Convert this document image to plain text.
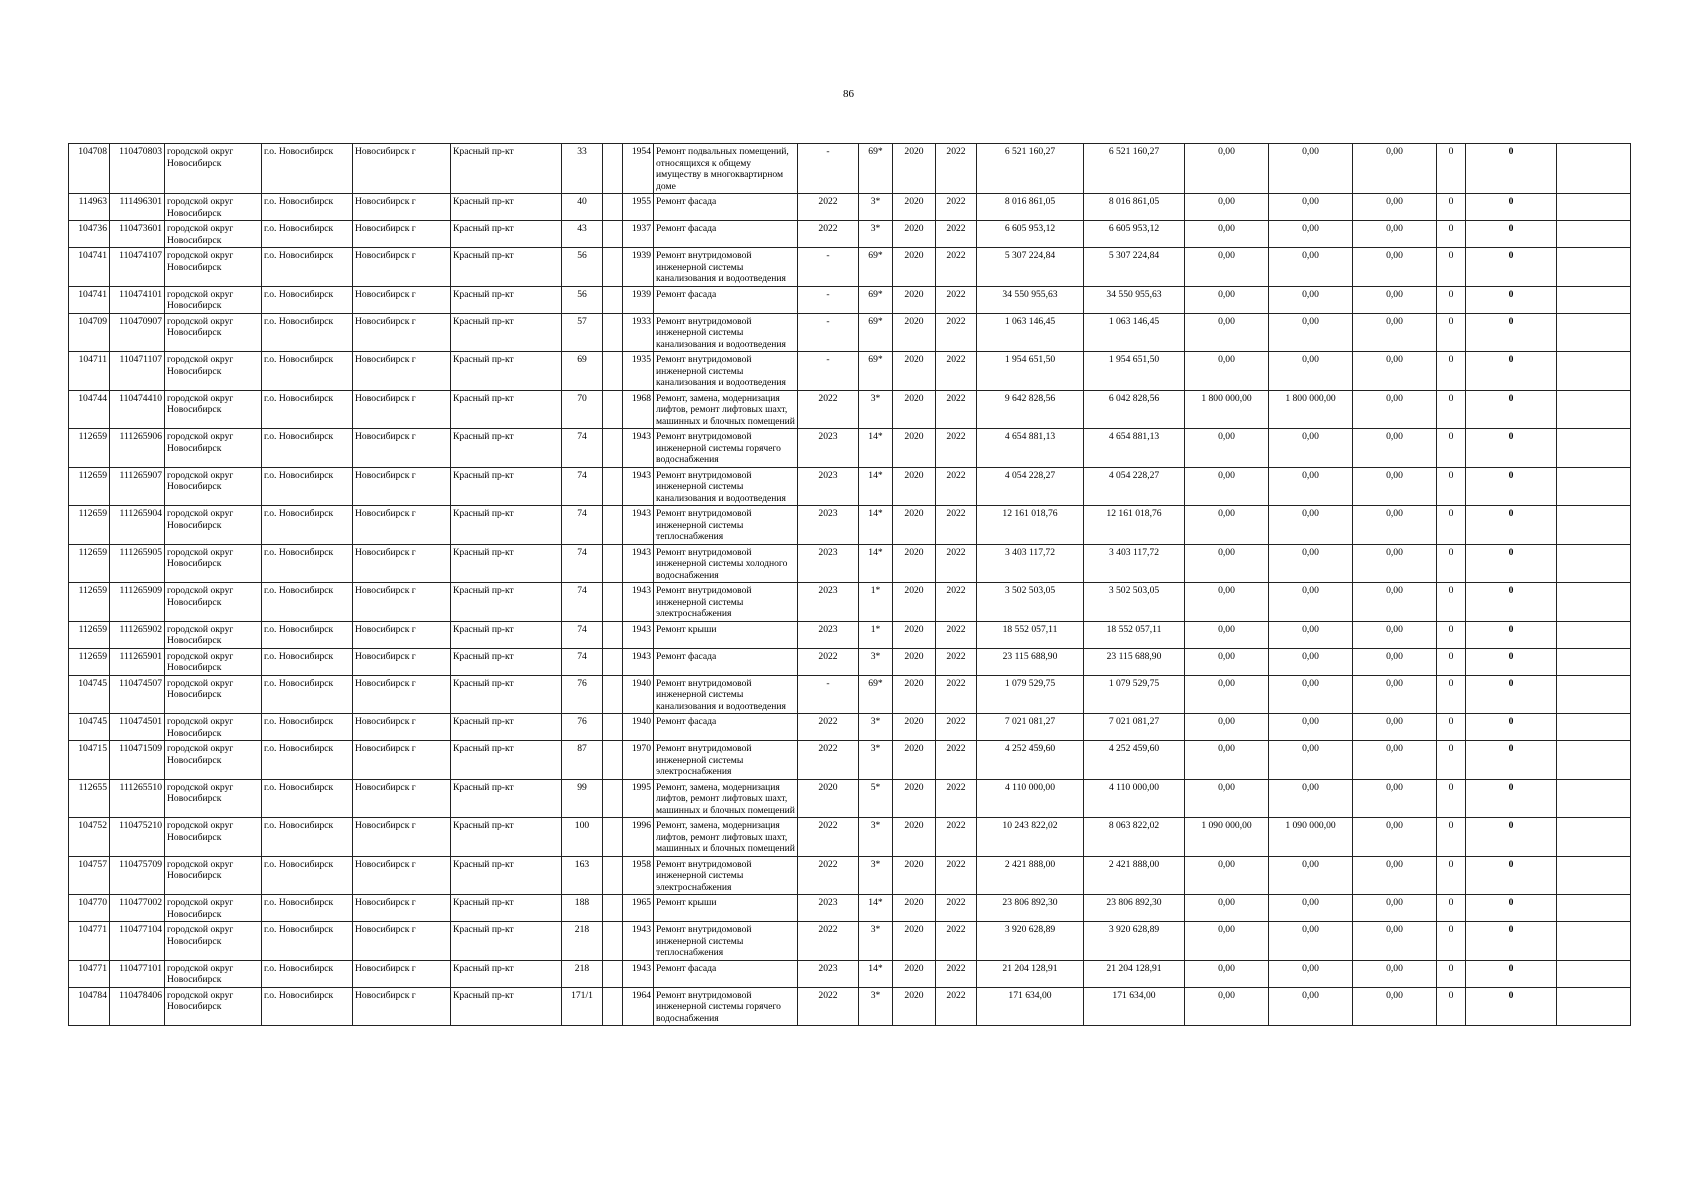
86
104708	110470803	городской округ Новосибирск	г.о. Новосибирск	Новосибирск г	Красный пр-кт	33		1954	Ремонт подвальных помещений, относящихся к общему имуществу в многоквартирном доме	-	69*	2020	2022	6 521 160,27	6 521 160,27	0,00	0,00	0,00	0	0	
114963	111496301	городской округ Новосибирск	г.о. Новосибирск	Новосибирск г	Красный пр-кт	40		1955	Ремонт фасада	2022	3*	2020	2022	8 016 861,05	8 016 861,05	0,00	0,00	0,00	0	0	
104736	110473601	городской округ Новосибирск	г.о. Новосибирск	Новосибирск г	Красный пр-кт	43		1937	Ремонт фасада	2022	3*	2020	2022	6 605 953,12	6 605 953,12	0,00	0,00	0,00	0	0	
104741	110474107	городской округ Новосибирск	г.о. Новосибирск	Новосибирск г	Красный пр-кт	56		1939	Ремонт внутридомовой инженерной системы канализования и водоотведения	-	69*	2020	2022	5 307 224,84	5 307 224,84	0,00	0,00	0,00	0	0	
104741	110474101	городской округ Новосибирск	г.о. Новосибирск	Новосибирск г	Красный пр-кт	56		1939	Ремонт фасада	-	69*	2020	2022	34 550 955,63	34 550 955,63	0,00	0,00	0,00	0	0	
104709	110470907	городской округ Новосибирск	г.о. Новосибирск	Новосибирск г	Красный пр-кт	57		1933	Ремонт внутридомовой инженерной системы канализования и водоотведения	-	69*	2020	2022	1 063 146,45	1 063 146,45	0,00	0,00	0,00	0	0	
104711	110471107	городской округ Новосибирск	г.о. Новосибирск	Новосибирск г	Красный пр-кт	69		1935	Ремонт внутридомовой инженерной системы канализования и водоотведения	-	69*	2020	2022	1 954 651,50	1 954 651,50	0,00	0,00	0,00	0	0	
104744	110474410	городской округ Новосибирск	г.о. Новосибирск	Новосибирск г	Красный пр-кт	70		1968	Ремонт, замена, модернизация лифтов, ремонт лифтовых шахт, машинных и блочных помещений	2022	3*	2020	2022	9 642 828,56	6 042 828,56	1 800 000,00	1 800 000,00	0,00	0	0	
112659	111265906	городской округ Новосибирск	г.о. Новосибирск	Новосибирск г	Красный пр-кт	74		1943	Ремонт внутридомовой инженерной системы горячего водоснабжения	2023	14*	2020	2022	4 654 881,13	4 654 881,13	0,00	0,00	0,00	0	0	
112659	111265907	городской округ Новосибирск	г.о. Новосибирск	Новосибирск г	Красный пр-кт	74		1943	Ремонт внутридомовой инженерной системы канализования и водоотведения	2023	14*	2020	2022	4 054 228,27	4 054 228,27	0,00	0,00	0,00	0	0	
112659	111265904	городской округ Новосибирск	г.о. Новосибирск	Новосибирск г	Красный пр-кт	74		1943	Ремонт внутридомовой инженерной системы теплоснабжения	2023	14*	2020	2022	12 161 018,76	12 161 018,76	0,00	0,00	0,00	0	0	
112659	111265905	городской округ Новосибирск	г.о. Новосибирск	Новосибирск г	Красный пр-кт	74		1943	Ремонт внутридомовой инженерной системы холодного водоснабжения	2023	14*	2020	2022	3 403 117,72	3 403 117,72	0,00	0,00	0,00	0	0	
112659	111265909	городской округ Новосибирск	г.о. Новосибирск	Новосибирск г	Красный пр-кт	74		1943	Ремонт внутридомовой инженерной системы электроснабжения	2023	1*	2020	2022	3 502 503,05	3 502 503,05	0,00	0,00	0,00	0	0	
112659	111265902	городской округ Новосибирск	г.о. Новосибирск	Новосибирск г	Красный пр-кт	74		1943	Ремонт крыши	2023	1*	2020	2022	18 552 057,11	18 552 057,11	0,00	0,00	0,00	0	0	
112659	111265901	городской округ Новосибирск	г.о. Новосибирск	Новосибирск г	Красный пр-кт	74		1943	Ремонт фасада	2022	3*	2020	2022	23 115 688,90	23 115 688,90	0,00	0,00	0,00	0	0	
104745	110474507	городской округ Новосибирск	г.о. Новосибирск	Новосибирск г	Красный пр-кт	76		1940	Ремонт внутридомовой инженерной системы канализования и водоотведения	-	69*	2020	2022	1 079 529,75	1 079 529,75	0,00	0,00	0,00	0	0	
104745	110474501	городской округ Новосибирск	г.о. Новосибирск	Новосибирск г	Красный пр-кт	76		1940	Ремонт фасада	2022	3*	2020	2022	7 021 081,27	7 021 081,27	0,00	0,00	0,00	0	0	
104715	110471509	городской округ Новосибирск	г.о. Новосибирск	Новосибирск г	Красный пр-кт	87		1970	Ремонт внутридомовой инженерной системы электроснабжения	2022	3*	2020	2022	4 252 459,60	4 252 459,60	0,00	0,00	0,00	0	0	
112655	111265510	городской округ Новосибирск	г.о. Новосибирск	Новосибирск г	Красный пр-кт	99		1995	Ремонт, замена, модернизация лифтов, ремонт лифтовых шахт, машинных и блочных помещений	2020	5*	2020	2022	4 110 000,00	4 110 000,00	0,00	0,00	0,00	0	0	
104752	110475210	городской округ Новосибирск	г.о. Новосибирск	Новосибирск г	Красный пр-кт	100		1996	Ремонт, замена, модернизация лифтов, ремонт лифтовых шахт, машинных и блочных помещений	2022	3*	2020	2022	10 243 822,02	8 063 822,02	1 090 000,00	1 090 000,00	0,00	0	0	
104757	110475709	городской округ Новосибирск	г.о. Новосибирск	Новосибирск г	Красный пр-кт	163		1958	Ремонт внутридомовой инженерной системы электроснабжения	2022	3*	2020	2022	2 421 888,00	2 421 888,00	0,00	0,00	0,00	0	0	
104770	110477002	городской округ Новосибирск	г.о. Новосибирск	Новосибирск г	Красный пр-кт	188		1965	Ремонт крыши	2023	14*	2020	2022	23 806 892,30	23 806 892,30	0,00	0,00	0,00	0	0	
104771	110477104	городской округ Новосибирск	г.о. Новосибирск	Новосибирск г	Красный пр-кт	218		1943	Ремонт внутридомовой инженерной системы теплоснабжения	2022	3*	2020	2022	3 920 628,89	3 920 628,89	0,00	0,00	0,00	0	0	
104771	110477101	городской округ Новосибирск	г.о. Новосибирск	Новосибирск г	Красный пр-кт	218		1943	Ремонт фасада	2023	14*	2020	2022	21 204 128,91	21 204 128,91	0,00	0,00	0,00	0	0	
104784	110478406	городской округ Новосибирск	г.о. Новосибирск	Новосибирск г	Красный пр-кт	171/1		1964	Ремонт внутридомовой инженерной системы горячего водоснабжения	2022	3*	2020	2022	171 634,00	171 634,00	0,00	0,00	0,00	0	0	
